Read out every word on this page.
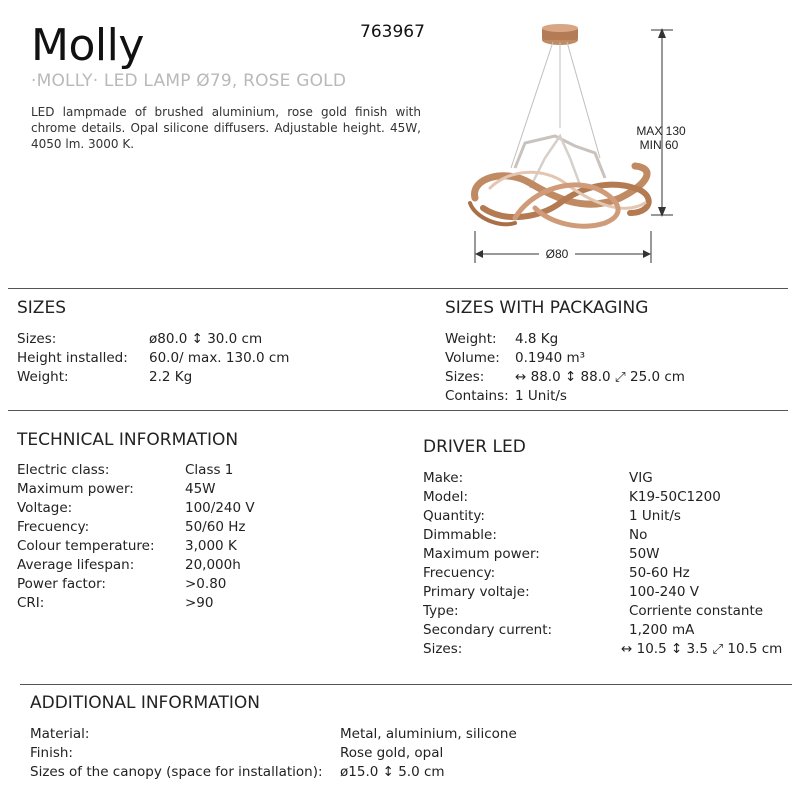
Molly	763967
·MOLLY· LED LAMP Ø79, ROSE GOLD
LED lampmade of brushed aluminium, rose gold finish with chrome details. Opal silicone diffusers. Adjustable height. 45W, 4050 lm. 3000 K.
MAX 130
MIN 60
Ø80
SIZES
Sizes:	ø80.0 ↕ 30.0 cm
Height installed: 60.0/ max. 130.0 cm
Weight:	2.2 Kg
SIZES WITH PACKAGING
Weight: 4.8 Kg
Volume: 0.1940 m³
Sizes: ↔ 88.0 ↕ 88.0 ⤢ 25.0 cm
Contains: 1 Unit/s
TECHNICAL INFORMATION
Electric class:	Class 1
Maximum power:	45W
Voltage:	100/240 V
Frecuency:	50/60 Hz
Colour temperature: 3,000 K
Average lifespan:	20,000h
Power factor:	>0.80
CRI:	>90
DRIVER LED
Make:	VIG
Model:	K19-50C1200
Quantity:	1 Unit/s
Dimmable:	No
Maximum power:	50W
Frecuency:	50-60 Hz
Primary voltaje:	100-240 V
Type:	Corriente constante
Secondary current:	1,200 mA
Sizes:	↔ 10.5 ↕ 3.5 ⤢ 10.5 cm
ADDITIONAL INFORMATION
Material:	Metal, aluminium, silicone
Finish:	Rose gold, opal
Sizes of the canopy (space for installation): ø15.0 ↕ 5.0 cm
